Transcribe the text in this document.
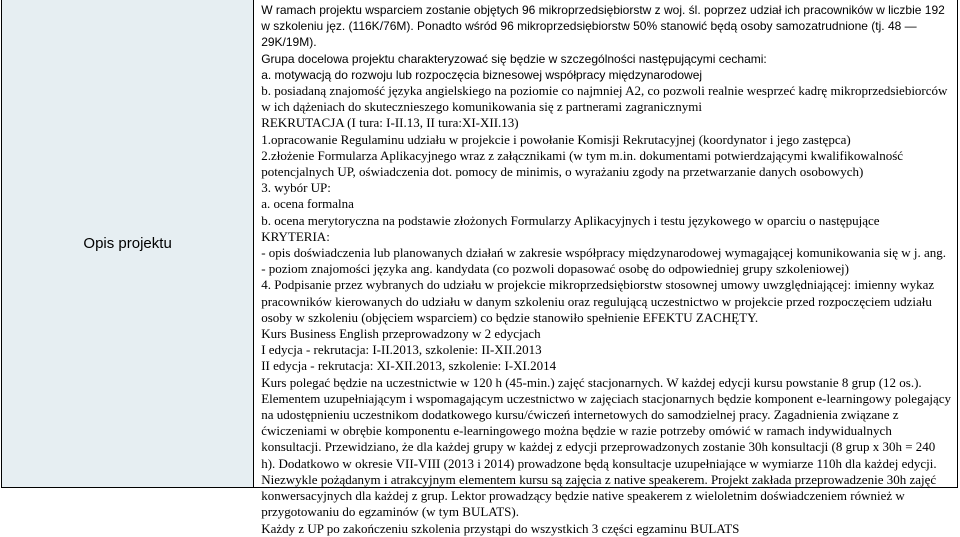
Opis projektu
W ramach projektu wsparciem zostanie objętych 96 mikroprzedsiębiorstw z woj. śl. poprzez udział ich pracowników w liczbie 192
w szkoleniu jęz. (116K/76M). Ponadto wśród 96 mikroprzedsiębiorstw 50% stanowić będą osoby samozatrudnione (tj. 48 —
29K/19M).
Grupa docelowa projektu charakteryzować się będzie w szczególności następującymi cechami:
a. motywacją do rozwoju lub rozpoczęcia biznesowej współpracy międzynarodowej
b. posiadaną znajomość języka angielskiego na poziomie co najmniej A2, co pozwoli realnie wesprzeć kadrę mikroprzedsiebiorców
w ich dążeniach do skutecznieszego komunikowania się z partnerami zagranicznymi
REKRUTACJA (I tura: I-II.13, II tura:XI-XII.13)
1.opracowanie Regulaminu udziału w projekcie i powołanie Komisji Rekrutacyjnej (koordynator i jego zastępca)
2.złożenie Formularza Aplikacyjnego wraz z załącznikami (w tym m.in. dokumentami potwierdzającymi kwalifikowalność
potencjalnych UP, oświadczenia dot. pomocy de minimis, o wyrażaniu zgody na przetwarzanie danych osobowych)
3. wybór UP:
a. ocena formalna
b. ocena merytoryczna na podstawie złożonych Formularzy Aplikacyjnych i testu językowego w oparciu o następujące
KRYTERIA:
- opis doświadczenia lub planowanych działań w zakresie współpracy międzynarodowej wymagającej komunikowania się w j. ang.
- poziom znajomości języka ang. kandydata (co pozwoli dopasować osobę do odpowiedniej grupy szkoleniowej)
4. Podpisanie przez wybranych do udziału w projekcie mikroprzedsiębiorstw stosownej umowy uwzględniającej: imienny wykaz
pracowników kierowanych do udziału w danym szkoleniu oraz regulującą uczestnictwo w projekcie przed rozpoczęciem udziału
osoby w szkoleniu (objęciem wsparciem) co będzie stanowiło spełnienie EFEKTU ZACHĘTY.
Kurs Business English przeprowadzony w 2 edycjach
I edycja - rekrutacja: I-II.2013, szkolenie: II-XII.2013
II edycja - rekrutacja: XI-XII.2013, szkolenie: I-XI.2014
Kurs polegać będzie na uczestnictwie w 120 h (45-min.) zajęć stacjonarnych. W każdej edycji kursu powstanie 8 grup (12 os.).
Elementem uzupełniającym i wspomagającym uczestnictwo w zajęciach stacjonarnych będzie komponent e-learningowy polegający
na udostępnieniu uczestnikom dodatkowego kursu/ćwiczeń internetowych do samodzielnej pracy. Zagadnienia związane z
ćwiczeniami w obrębie komponentu e-learningowego można będzie w razie potrzeby omówić w ramach indywidualnych
konsultacji. Przewidziano, że dla każdej grupy w każdej z edycji przeprowadzonych zostanie 30h konsultacji (8 grup x 30h = 240
h). Dodatkowo w okresie VII-VIII (2013 i 2014) prowadzone będą konsultacje uzupełniające w wymiarze 110h dla każdej edycji.
Niezwykle pożądanym i atrakcyjnym elementem kursu są zajęcia z native speakerem. Projekt zakłada przeprowadzenie 30h zajęć
konwersacyjnych dla każdej z grup. Lektor prowadzący będzie native speakerem z wieloletnim doświadczeniem również w
przygotowaniu do egzaminów (w tym BULATS).
Każdy z UP po zakończeniu szkolenia przystąpi do wszystkich 3 części egzaminu BULATS
